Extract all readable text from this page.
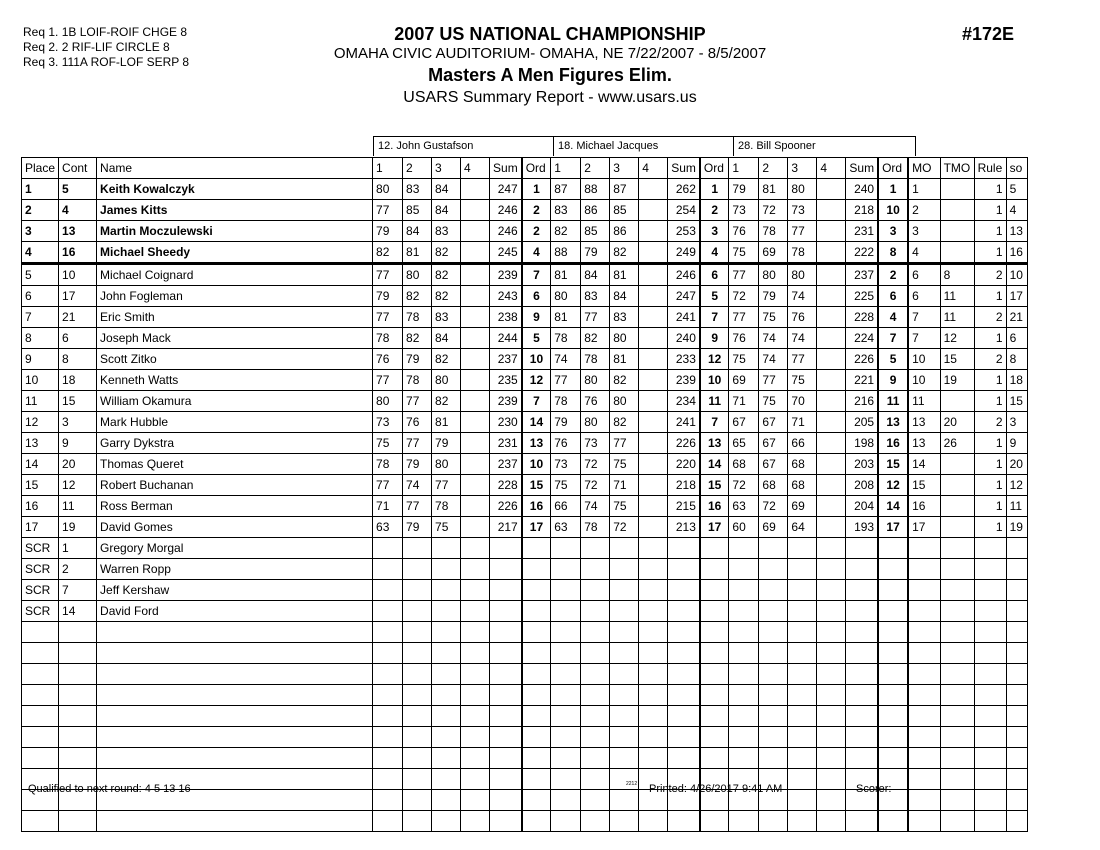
Req 1. 1B LOIF-ROIF CHGE 8
Req 2. 2 RIF-LIF CIRCLE 8
Req 3. 111A ROF-LOF SERP 8
2007 US NATIONAL CHAMPIONSHIP
OMAHA CIVIC AUDITORIUM- OMAHA, NE 7/22/2007 - 8/5/2007
Masters A Men Figures Elim.
USARS Summary Report - www.usars.us
#172E
12. John Gustafson	18. Michael Jacques	28. Bill Spooner
Place	Cont	Name	1	2	3	4	Sum	Ord	1	2	3	4	Sum	Ord	1	2	3	4	Sum	Ord	MO	TMO	Rule	so
1	5	Keith Kowalczyk	80	83	84		247	1	87	88	87		262	1	79	81	80		240	1	1		1	5
2	4	James Kitts	77	85	84		246	2	83	86	85		254	2	73	72	73		218	10	2		1	4
3	13	Martin Moczulewski	79	84	83		246	2	82	85	86		253	3	76	78	77		231	3	3		1	13
4	16	Michael Sheedy	82	81	82		245	4	88	79	82		249	4	75	69	78		222	8	4		1	16
5	10	Michael Coignard	77	80	82		239	7	81	84	81		246	6	77	80	80		237	2	6	8	2	10
6	17	John Fogleman	79	82	82		243	6	80	83	84		247	5	72	79	74		225	6	6	11	1	17
7	21	Eric Smith	77	78	83		238	9	81	77	83		241	7	77	75	76		228	4	7	11	2	21
8	6	Joseph Mack	78	82	84		244	5	78	82	80		240	9	76	74	74		224	7	7	12	1	6
9	8	Scott Zitko	76	79	82		237	10	74	78	81		233	12	75	74	77		226	5	10	15	2	8
10	18	Kenneth Watts	77	78	80		235	12	77	80	82		239	10	69	77	75		221	9	10	19	1	18
11	15	William Okamura	80	77	82		239	7	78	76	80		234	11	71	75	70		216	11	11		1	15
12	3	Mark Hubble	73	76	81		230	14	79	80	82		241	7	67	67	71		205	13	13	20	2	3
13	9	Garry Dykstra	75	77	79		231	13	76	73	77		226	13	65	67	66		198	16	13	26	1	9
14	20	Thomas Queret	78	79	80		237	10	73	72	75		220	14	68	67	68		203	15	14		1	20
15	12	Robert Buchanan	77	74	77		228	15	75	72	71		218	15	72	68	68		208	12	15		1	12
16	11	Ross Berman	71	77	78		226	16	66	74	75		215	16	63	72	69		204	14	16		1	11
17	19	David Gomes	63	79	75		217	17	63	78	72		213	17	60	69	64		193	17	17		1	19
SCR	1	Gregory Morgal																						
SCR	2	Warren Ropp																						
SCR	7	Jeff Kershaw																						
SCR	14	David Ford																						

Qualified to next round: 4 5 13 16	2212 Printed: 4/26/2017 9:41 AM	Scorer:
